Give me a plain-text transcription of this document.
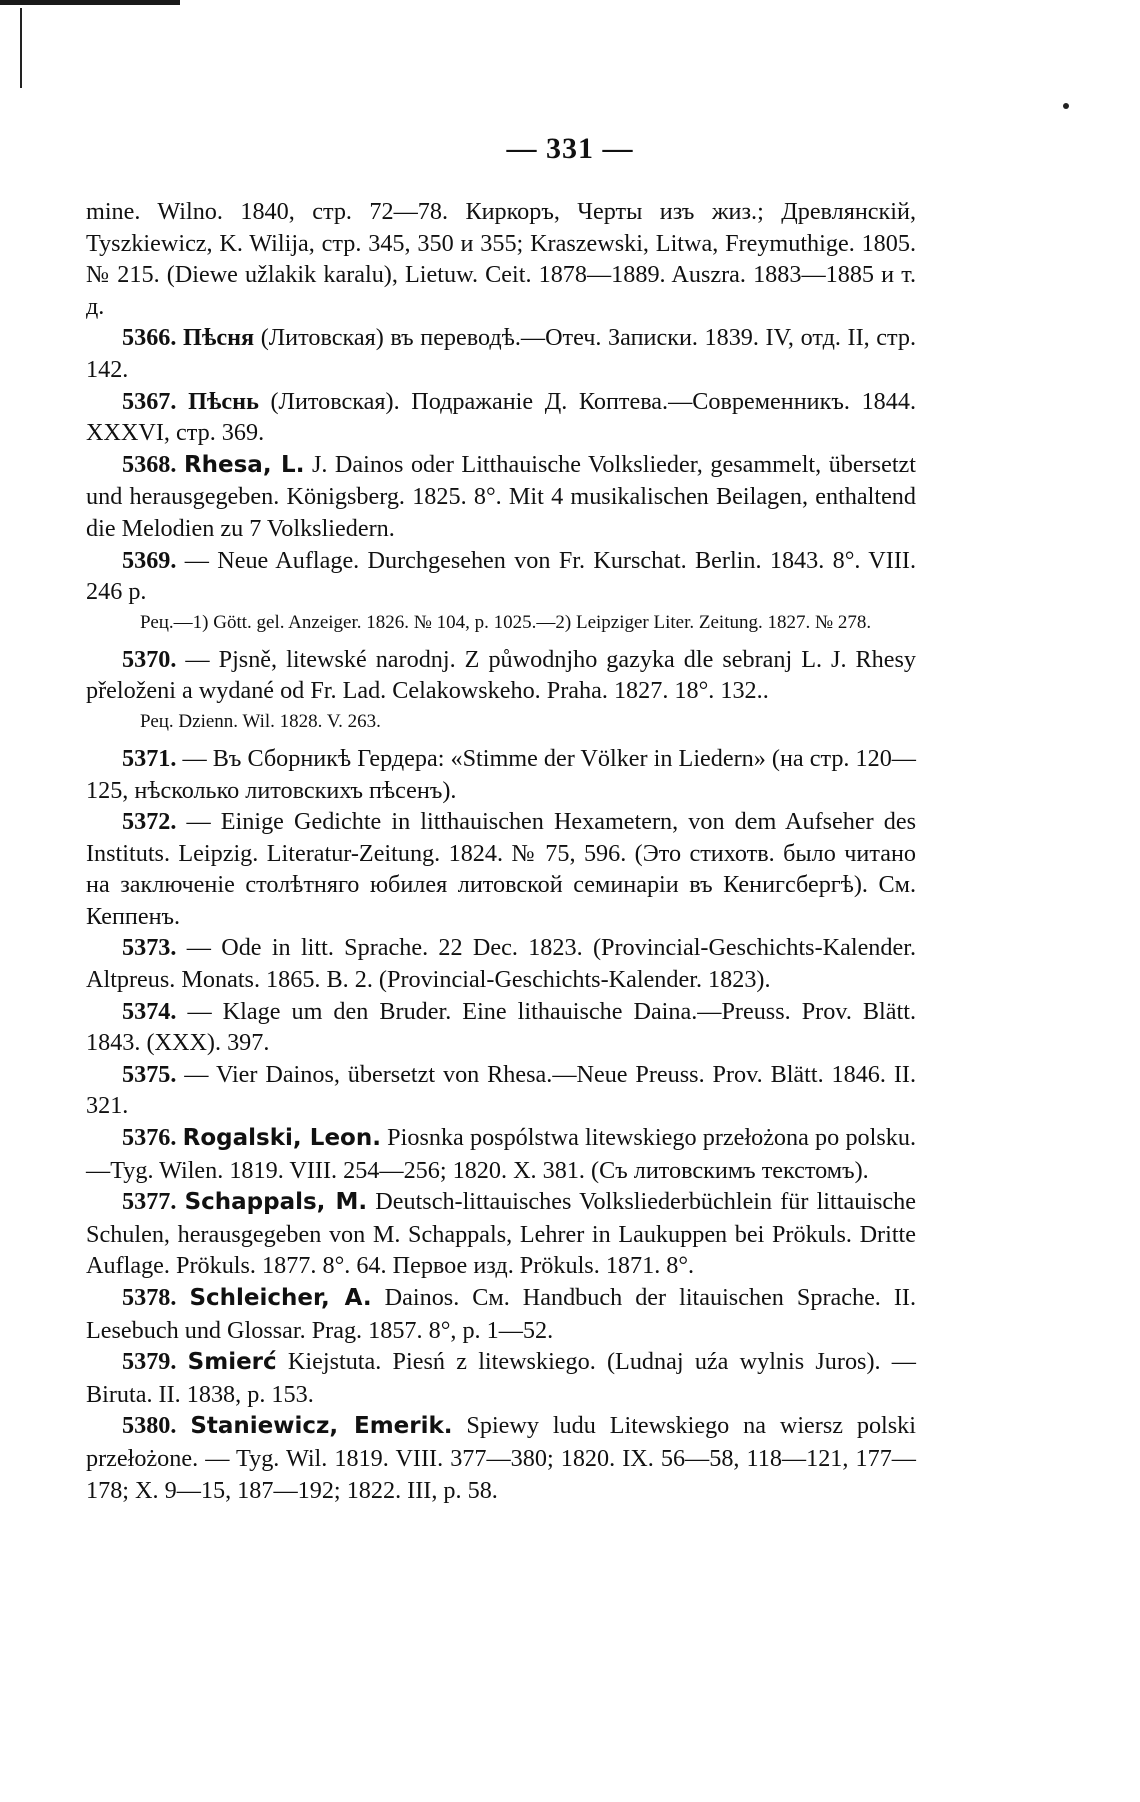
— 331 —

mine. Wilno. 1840, стр. 72—78. Киркоръ, Черты изъ жиз.; Древлянскій, Tyszkiewicz, K. Wilija, стр. 345, 350 и 355; Kraszewski, Litwa, Freymuthige. 1805. № 215. (Diewe užlakik karalu), Lietuw. Ceit. 1878—1889. Auszra. 1883—1885 и т. д.

5366. Пѣсня (Литовская) въ переводѣ.—Отеч. Записки. 1839. IV, отд. II, стр. 142.

5367. Пѣснь (Литовская). Подражаніе Д. Коптева.—Современникъ. 1844. XXXVI, стр. 369.

5368. Rhesa, L. J. Dainos oder Litthauische Volkslieder, gesammelt, übersetzt und herausgegeben. Königsberg. 1825. 8°. Mit 4 musikalischen Beilagen, enthaltend die Melodien zu 7 Volksliedern.

5369. — Neue Auflage. Durchgesehen von Fr. Kurschat. Berlin. 1843. 8°. VIII. 246 p.

Рец.—1) Gött. gel. Anzeiger. 1826. № 104, p. 1025.—2) Leipziger Liter. Zeitung. 1827. № 278.

5370. — Pjsně, litewské narodnj. Z půwodnjho gazyka dle sebranj L. J. Rhesy přeloženi a wydané od Fr. Lad. Celakowskeho. Praha. 1827. 18°. 132..

Рец. Dzienn. Wil. 1828. V. 263.

5371. — Въ Сборникѣ Гердера: «Stimme der Völker in Liedern» (на стр. 120—125, нѣсколько литовскихъ пѣсенъ).

5372. — Einige Gedichte in litthauischen Hexametern, von dem Aufseher des Instituts. Leipzig. Literatur-Zeitung. 1824. № 75, 596. (Это стихотв. было читано на заключеніе столѣтняго юбилея литовской семинаріи въ Кенигсбергѣ). См. Кеппенъ.

5373. — Ode in litt. Sprache. 22 Dec. 1823. (Provincial-Geschichts-Kalender. Altpreus. Monats. 1865. B. 2. (Provincial-Geschichts-Kalender. 1823).

5374. — Klage um den Bruder. Eine lithauische Daina.—Preuss. Prov. Blätt. 1843. (XXX). 397.

5375. — Vier Dainos, übersetzt von Rhesa.—Neue Preuss. Prov. Blätt. 1846. II. 321.

5376. Rogalski, Leon. Piosnka pospólstwa litewskiego przełożona po polsku.—Tyg. Wilen. 1819. VIII. 254—256; 1820. X. 381. (Съ литовскимъ текстомъ).

5377. Schappals, M. Deutsch-littauisches Volksliederbüchlein für littauische Schulen, herausgegeben von M. Schappals, Lehrer in Laukuppen bei Prökuls. Dritte Auflage. Prökuls. 1877. 8°. 64. Первое изд. Prökuls. 1871. 8°.

5378. Schleicher, A. Dainos. См. Handbuch der litauischen Sprache. II. Lesebuch und Glossar. Prag. 1857. 8°, p. 1—52.

5379. Smierć Kiejstuta. Piesń z litewskiego. (Ludnaj uźa wylnis Juros). — Biruta. II. 1838, p. 153.

5380. Staniewicz, Emerik. Spiewy ludu Litewskiego na wiersz polski przełożone. — Tyg. Wil. 1819. VIII. 377—380; 1820. IX. 56—58, 118—121, 177—178; X. 9—15, 187—192; 1822. III, p. 58.
